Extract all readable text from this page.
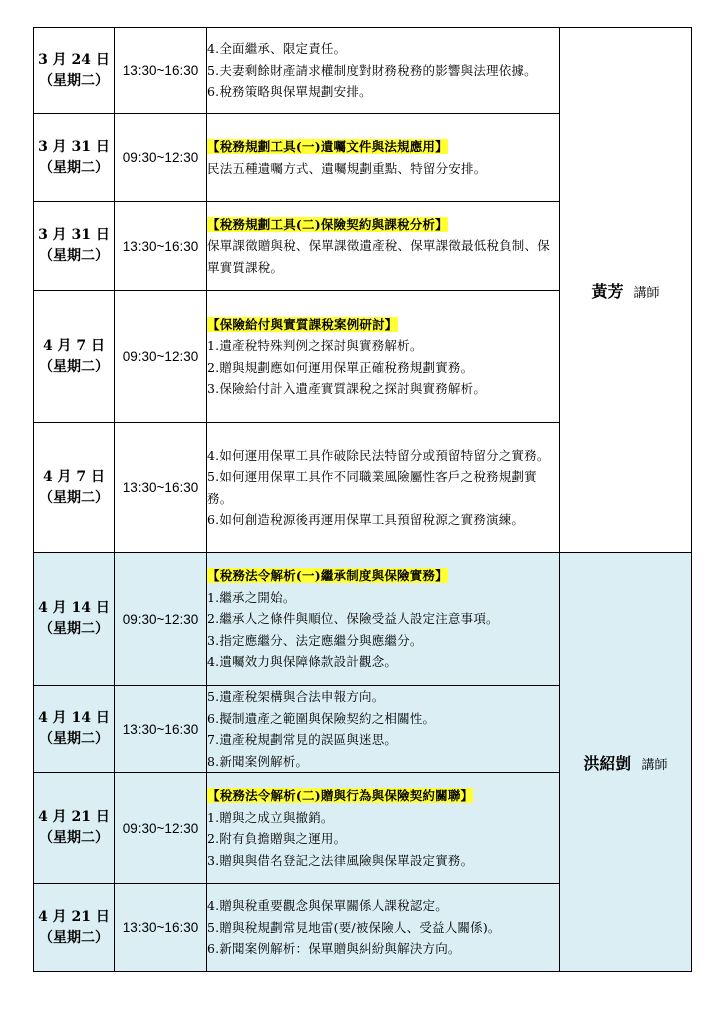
3 月 24 日
（星期二）	13:30~16:30	4.全面繼承、限定責任。
5.夫妻剩餘財產請求權制度對財務稅務的影響與法理依據。
6.稅務策略與保單規劃安排。	黃芳 講師

3 月 31 日
（星期二）	09:30~12:30	【稅務規劃工具(一)遺囑文件與法規應用】
民法五種遺囑方式、遺囑規劃重點、特留分安排。	

3 月 31 日
（星期二）	13:30~16:30	【稅務規劃工具(二)保險契約與課稅分析】
保單課徵贈與稅、保單課徵遺產稅、保單課徵最低稅負制、保單實質課稅。	

4 月 7 日
（星期二）	09:30~12:30	【保險給付與實質課稅案例研討】
1.遺產稅特殊判例之探討與實務解析。
2.贈與規劃應如何運用保單正確稅務規劃實務。
3.保險給付計入遺產實質課稅之探討與實務解析。	

4 月 7 日
（星期二）	13:30~16:30	4.如何運用保單工具作破除民法特留分或預留特留分之實務。
5.如何運用保單工具作不同職業風險屬性客戶之稅務規劃實務。
6.如何創造稅源後再運用保單工具預留稅源之實務演練。	

4 月 14 日
（星期二）	09:30~12:30	【稅務法令解析(一)繼承制度與保險實務】
1.繼承之開始。
2.繼承人之條件與順位、保險受益人設定注意事項。
3.指定應繼分、法定應繼分與應繼分。
4.遺囑效力與保障條款設計觀念。	洪紹剴 講師

4 月 14 日
（星期二）	13:30~16:30	5.遺產稅架構與合法申報方向。
6.擬制遺產之範圍與保險契約之相關性。
7.遺產稅規劃常見的誤區與迷思。
8.新聞案例解析。	

4 月 21 日
（星期二）	09:30~12:30	【稅務法令解析(二)贈與行為與保險契約關聯】
1.贈與之成立與撤銷。
2.附有負擔贈與之運用。
3.贈與與借名登記之法律風險與保單設定實務。	

4 月 21 日
（星期二）	13:30~16:30	4.贈與稅重要觀念與保單關係人課稅認定。
5.贈與稅規劃常見地雷(要/被保險人、受益人關係)。
6.新聞案例解析：保單贈與糾紛與解決方向。	
